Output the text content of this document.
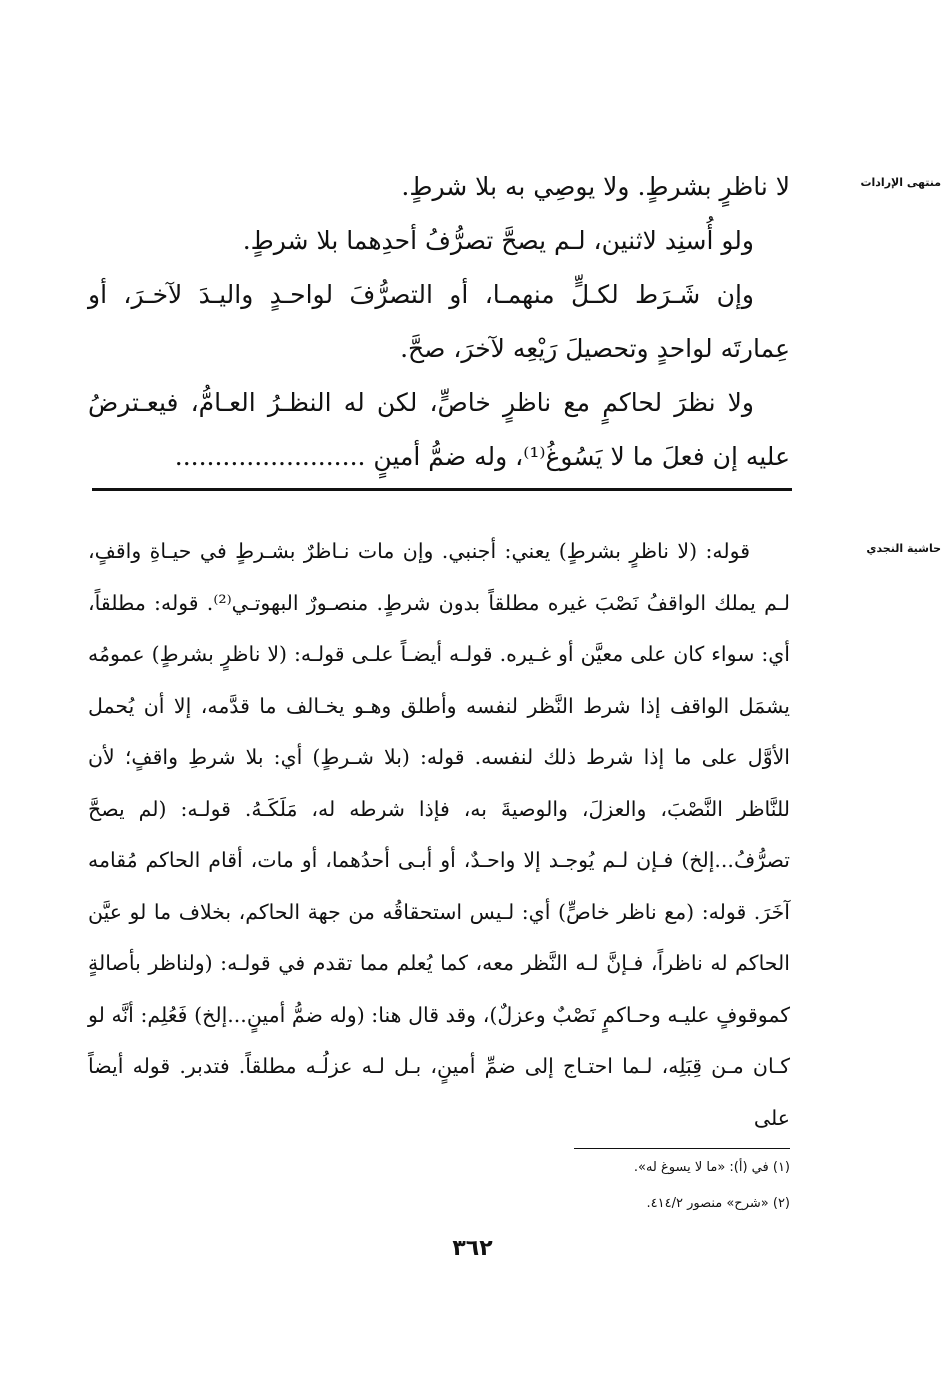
منتهى الإرادات

لا ناظرٍ بشرطٍ. ولا يوصِي به بلا شرطٍ.

ولو أُسنِد لاثنين، لـم يصحَّ تصرُّفُ أحدِهما بلا شرطٍ.

وإن شَـرَط لكـلٍّ منهمـا، أو التصرُّفَ لواحـدٍ واليـدَ لآخـرَ، أو عِمارتَه لواحدٍ وتحصيلَ رَيْعِه لآخرَ، صحَّ.

ولا نظرَ لحاكمٍ مع ناظرٍ خاصٍّ، لكن له النظـرُ العـامُّ، فيعـترضُ عليه إن فعلَ ما لا يَسُوغُ⁽¹⁾، وله ضمُّ أمينٍ ........................

حاشية النجدي
قوله: (لا ناظرٍ بشرطٍ) يعني: أجنبي. وإن مات نـاظرٌ بشـرطٍ في حيـاةِ واقفٍ، لـم يملك الواقفُ نَصْبَ غيره مطلقاً بدون شرطٍ. منصـورٌ البهوتـي⁽²⁾. قوله: مطلقاً، أي: سواء كان على معيَّن أو غـيره. قولـه أيضـاً علـى قولـه: (لا ناظرٍ بشرطٍ) عمومُه يشمَل الواقف إذا شرط النَّظر لنفسه وأطلق وهـو يخـالف ما قدَّمه، إلا أن يُحمل الأوَّل على ما إذا شرط ذلك لنفسه. قوله: (بلا شـرطٍ) أي: بلا شرطِ واقفٍ؛ لأن للنَّاظر النَّصْبَ، والعزلَ، والوصيةَ به، فإذا شرطه له، مَلَكَـهُ. قولـه: (لم يصحَّ تصرُّفُ...إلخ) فـإن لـم يُوجـد إلا واحـدٌ، أو أبـى أحدُهما، أو مات، أقام الحاكم مُقامه آخَرَ. قوله: (مع ناظر خاصٍّ) أي: لـيس استحقاقُه من جهة الحاكم، بخلاف ما لو عيَّن الحاكم له ناظراً، فـإنَّ لـه النَّظر معه، كما يُعلم مما تقدم في قولـه: (ولناظر بأصالةٍ كموقوفٍ عليـه وحـاكمٍ نَصْبٌ وعزلٌ)، وقد قال هنا: (وله ضمُّ أمينٍ...إلخ) فَعُلِم: أنَّه لو كـان مـن قِبَلِه، لـما احتـاج إلى ضمِّ أمينٍ، بـل لـه عزلُـه مطلقاً. فتدبر. قوله أيضاً على
(١) في (أ): «ما لا يسوغ له».
(٢) «شرح» منصور ٤١٤/٢.
٣٦٢
